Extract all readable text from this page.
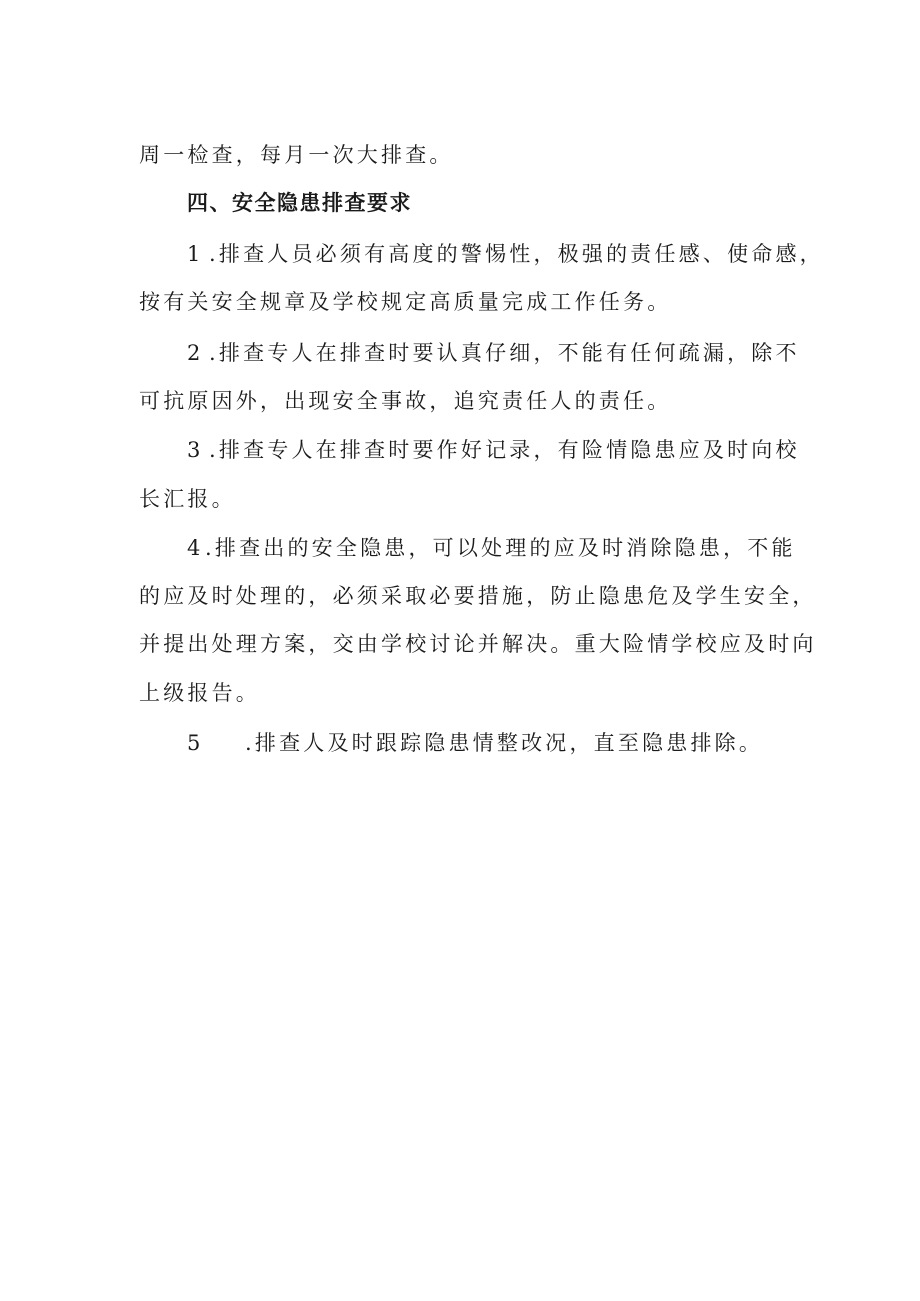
周一检查，每月一次大排查。
四、安全隐患排查要求
1 .排查人员必须有高度的警惕性，极强的责任感、使命感，
按有关安全规章及学校规定高质量完成工作任务。
2 .排查专人在排查时要认真仔细，不能有任何疏漏，除不
可抗原因外，出现安全事故，追究责任人的责任。
3 .排查专人在排查时要作好记录，有险情隐患应及时向校
长汇报。
4 .排查出的安全隐患，可以处理的应及时消除隐患，不能
的应及时处理的，必须采取必要措施，防止隐患危及学生安全，
并提出处理方案，交由学校讨论并解决。重大险情学校应及时向
上级报告。
5 .排查人及时跟踪隐患情整改况，直至隐患排除。
